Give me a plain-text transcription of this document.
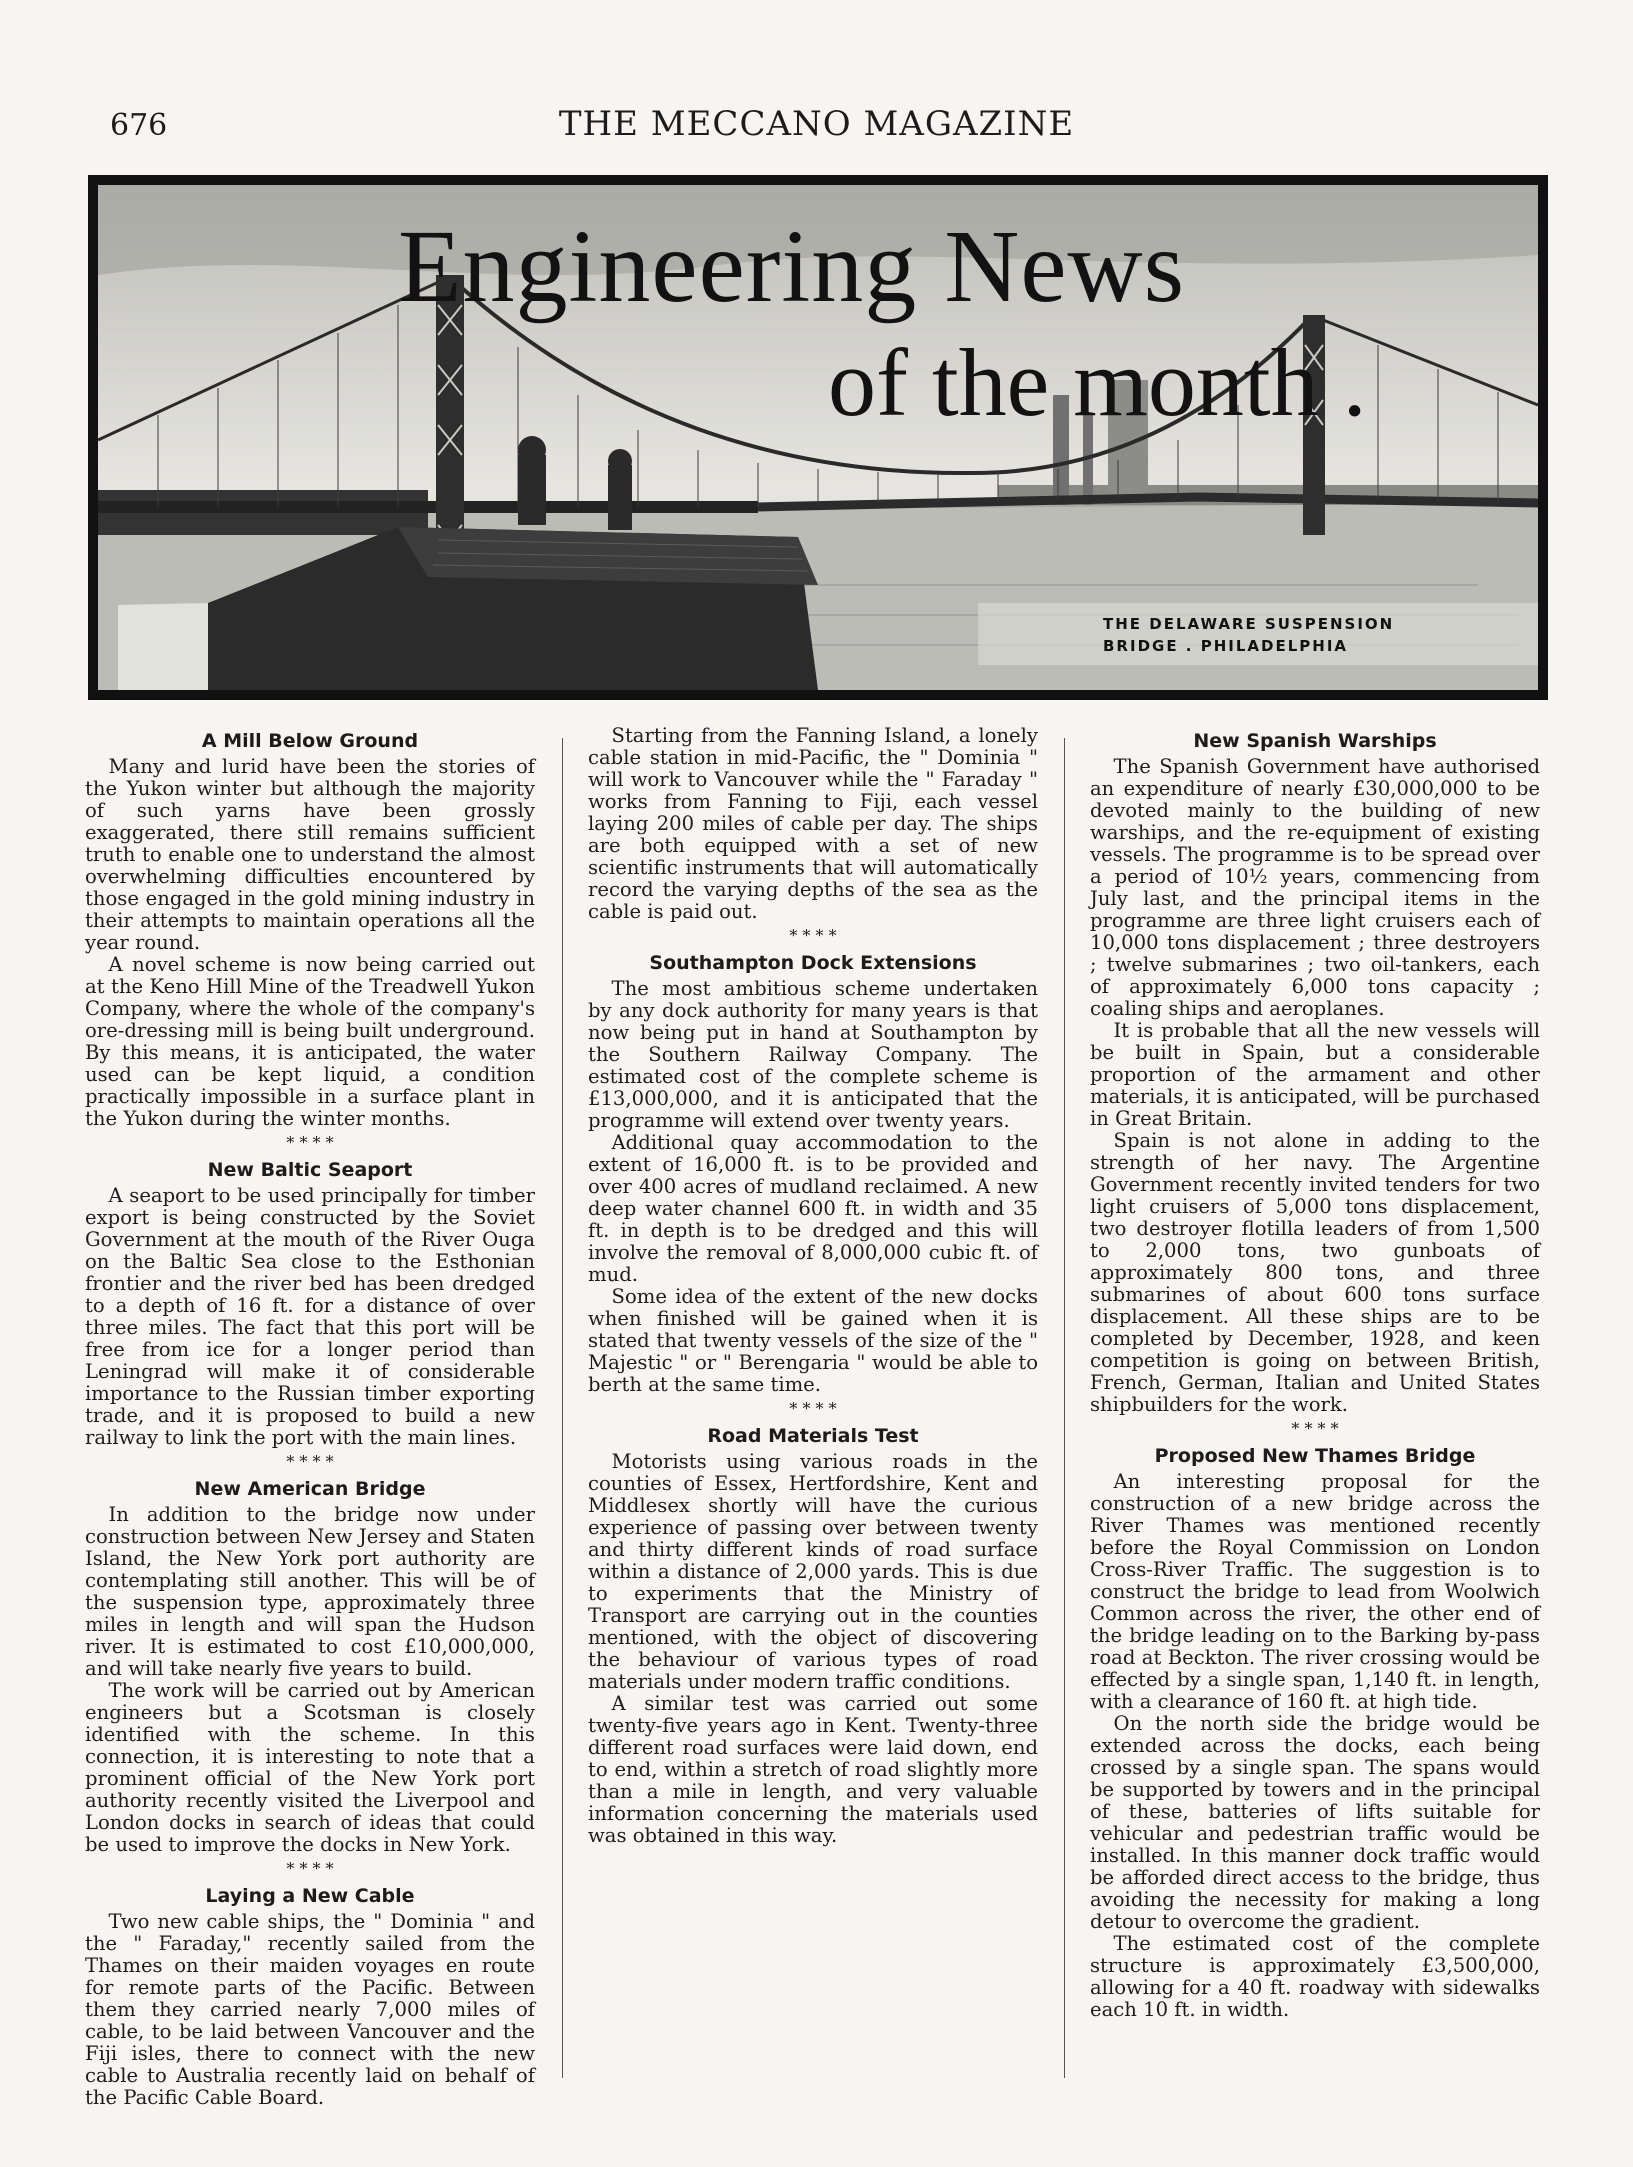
676	THE MECCANO MAGAZINE
Engineering News
of the month .
THE DELAWARE SUSPENSION
BRIDGE . PHILADELPHIA
A Mill Below Ground

Many and lurid have been the stories of the Yukon winter but although the majority of such yarns have been grossly exaggerated, there still remains sufficient truth to enable one to understand the almost overwhelming difficulties encountered by those engaged in the gold mining industry in their attempts to maintain operations all the year round.

A novel scheme is now being carried out at the Keno Hill Mine of the Treadwell Yukon Company, where the whole of the company's ore-dressing mill is being built underground. By this means, it is anticipated, the water used can be kept liquid, a condition practically impossible in a surface plant in the Yukon during the winter months.

* * * *
New Baltic Seaport

A seaport to be used principally for timber export is being constructed by the Soviet Government at the mouth of the River Ouga on the Baltic Sea close to the Esthonian frontier and the river bed has been dredged to a depth of 16 ft. for a distance of over three miles. The fact that this port will be free from ice for a longer period than Leningrad will make it of considerable importance to the Russian timber exporting trade, and it is proposed to build a new railway to link the port with the main lines.

* * * *
New American Bridge

In addition to the bridge now under construction between New Jersey and Staten Island, the New York port authority are contemplating still another. This will be of the suspension type, approximately three miles in length and will span the Hudson river. It is estimated to cost £10,000,000, and will take nearly five years to build.

The work will be carried out by American engineers but a Scotsman is closely identified with the scheme. In this connection, it is interesting to note that a prominent official of the New York port authority recently visited the Liverpool and London docks in search of ideas that could be used to improve the docks in New York.

* * * *
Laying a New Cable

Two new cable ships, the " Dominia " and the " Faraday," recently sailed from the Thames on their maiden voyages en route for remote parts of the Pacific. Between them they carried nearly 7,000 miles of cable, to be laid between Vancouver and the Fiji isles, there to connect with the new cable to Australia recently laid on behalf of the Pacific Cable Board.

Starting from the Fanning Island, a lonely cable station in mid-Pacific, the " Dominia " will work to Vancouver while the " Faraday " works from Fanning to Fiji, each vessel laying 200 miles of cable per day. The ships are both equipped with a set of new scientific instruments that will automatically record the varying depths of the sea as the cable is paid out.

* * * *
Southampton Dock Extensions

The most ambitious scheme undertaken by any dock authority for many years is that now being put in hand at Southampton by the Southern Railway Company. The estimated cost of the complete scheme is £13,000,000, and it is anticipated that the programme will extend over twenty years.

Additional quay accommodation to the extent of 16,000 ft. is to be provided and over 400 acres of mudland reclaimed. A new deep water channel 600 ft. in width and 35 ft. in depth is to be dredged and this will involve the removal of 8,000,000 cubic ft. of mud.

Some idea of the extent of the new docks when finished will be gained when it is stated that twenty vessels of the size of the " Majestic " or " Berengaria " would be able to berth at the same time.

* * * *
Road Materials Test

Motorists using various roads in the counties of Essex, Hertfordshire, Kent and Middlesex shortly will have the curious experience of passing over between twenty and thirty different kinds of road surface within a distance of 2,000 yards. This is due to experiments that the Ministry of Transport are carrying out in the counties mentioned, with the object of discovering the behaviour of various types of road materials under modern traffic conditions.

A similar test was carried out some twenty-five years ago in Kent. Twenty-three different road surfaces were laid down, end to end, within a stretch of road slightly more than a mile in length, and very valuable information concerning the materials used was obtained in this way.

New Spanish Warships

The Spanish Government have authorised an expenditure of nearly £30,000,000 to be devoted mainly to the building of new warships, and the re-equipment of existing vessels. The programme is to be spread over a period of 10½ years, commencing from July last, and the principal items in the programme are three light cruisers each of 10,000 tons displacement ; three destroyers ; twelve submarines ; two oil-tankers, each of approximately 6,000 tons capacity ; coaling ships and aeroplanes.

It is probable that all the new vessels will be built in Spain, but a considerable proportion of the armament and other materials, it is anticipated, will be purchased in Great Britain.

Spain is not alone in adding to the strength of her navy. The Argentine Government recently invited tenders for two light cruisers of 5,000 tons displacement, two destroyer flotilla leaders of from 1,500 to 2,000 tons, two gunboats of approximately 800 tons, and three submarines of about 600 tons surface displacement. All these ships are to be completed by December, 1928, and keen competition is going on between British, French, German, Italian and United States shipbuilders for the work.

* * * *
Proposed New Thames Bridge

An interesting proposal for the construction of a new bridge across the River Thames was mentioned recently before the Royal Commission on London Cross-River Traffic. The suggestion is to construct the bridge to lead from Woolwich Common across the river, the other end of the bridge leading on to the Barking by-pass road at Beckton. The river crossing would be effected by a single span, 1,140 ft. in length, with a clearance of 160 ft. at high tide.

On the north side the bridge would be extended across the docks, each being crossed by a single span. The spans would be supported by towers and in the principal of these, batteries of lifts suitable for vehicular and pedestrian traffic would be installed. In this manner dock traffic would be afforded direct access to the bridge, thus avoiding the necessity for making a long detour to overcome the gradient.

The estimated cost of the complete structure is approximately £3,500,000, allowing for a 40 ft. roadway with sidewalks each 10 ft. in width.
